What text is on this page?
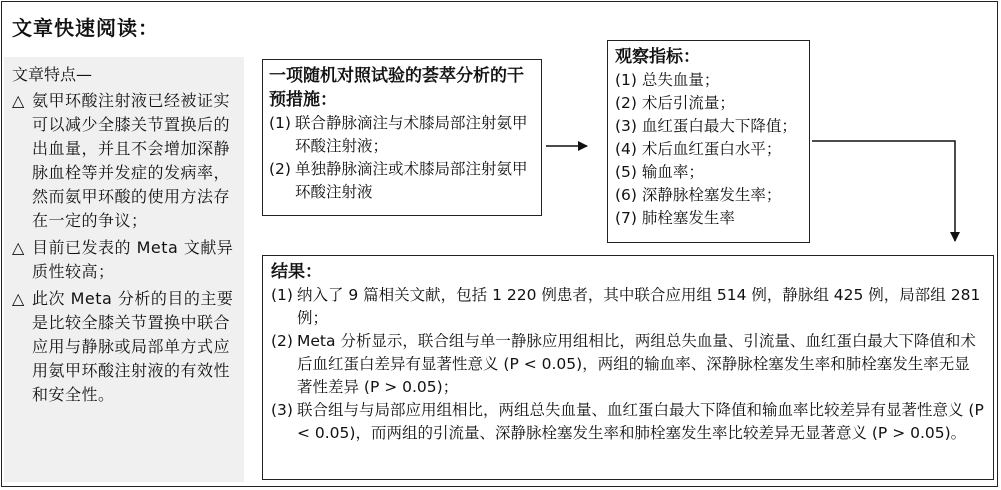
文章快速阅读：
文章特点—
△ 氨甲环酸注射液已经被证实可以减少全膝关节置换后的出血量，并且不会增加深静脉血栓等并发症的发病率，然而氨甲环酸的使用方法存在一定的争议；
△ 目前已发表的 Meta 文献异质性较高；
△ 此次 Meta 分析的目的主要是比较全膝关节置换中联合应用与静脉或局部单方式应用氨甲环酸注射液的有效性和安全性。
一项随机对照试验的荟萃分析的干预措施：
(1) 联合静脉滴注与术膝局部注射氨甲环酸注射液；
(2) 单独静脉滴注或术膝局部注射氨甲环酸注射液
观察指标：
(1) 总失血量；
(2) 术后引流量；
(3) 血红蛋白最大下降值；
(4) 术后血红蛋白水平；
(5) 输血率；
(6) 深静脉栓塞发生率；
(7) 肺栓塞发生率
结果：
(1) 纳入了 9 篇相关文献，包括 1 220 例患者，其中联合应用组 514 例，静脉组 425 例，局部组 281 例；
(2) Meta 分析显示，联合组与单一静脉应用组相比，两组总失血量、引流量、血红蛋白最大下降值和术后血红蛋白差异有显著性意义 (P < 0.05)，两组的输血率、深静脉栓塞发生率和肺栓塞发生率无显著性差异 (P > 0.05)；
(3) 联合组与与局部应用组相比，两组总失血量、血红蛋白最大下降值和输血率比较差异有显著性意义 (P < 0.05)，而两组的引流量、深静脉栓塞发生率和肺栓塞发生率比较差异无显著意义 (P > 0.05)。
